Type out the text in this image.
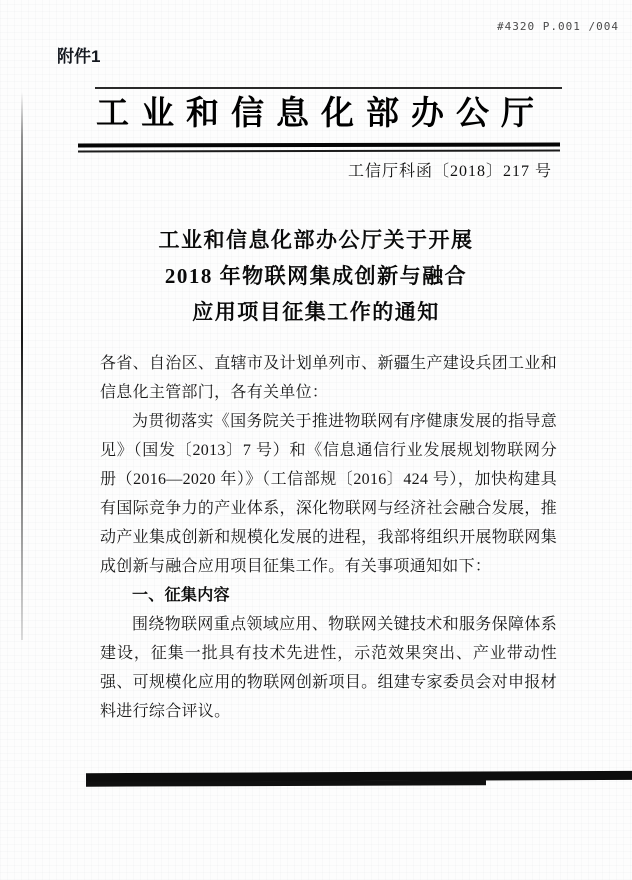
#4320 P.001 /004
附件1
工业和信息化部办公厅
工信厅科函〔2018〕217 号
工业和信息化部办公厅关于开展
2018 年物联网集成创新与融合
应用项目征集工作的通知

各省、自治区、直辖市及计划单列市、新疆生产建设兵团工业和信息化主管部门，各有关单位：

为贯彻落实《国务院关于推进物联网有序健康发展的指导意见》（国发〔2013〕7 号）和《信息通信行业发展规划物联网分册（2016—2020 年）》（工信部规〔2016〕424 号），加快构建具有国际竞争力的产业体系，深化物联网与经济社会融合发展，推动产业集成创新和规模化发展的进程，我部将组织开展物联网集成创新与融合应用项目征集工作。有关事项通知如下：

一、征集内容

围绕物联网重点领域应用、物联网关键技术和服务保障体系建设，征集一批具有技术先进性，示范效果突出、产业带动性强、可规模化应用的物联网创新项目。组建专家委员会对申报材料进行综合评议。
